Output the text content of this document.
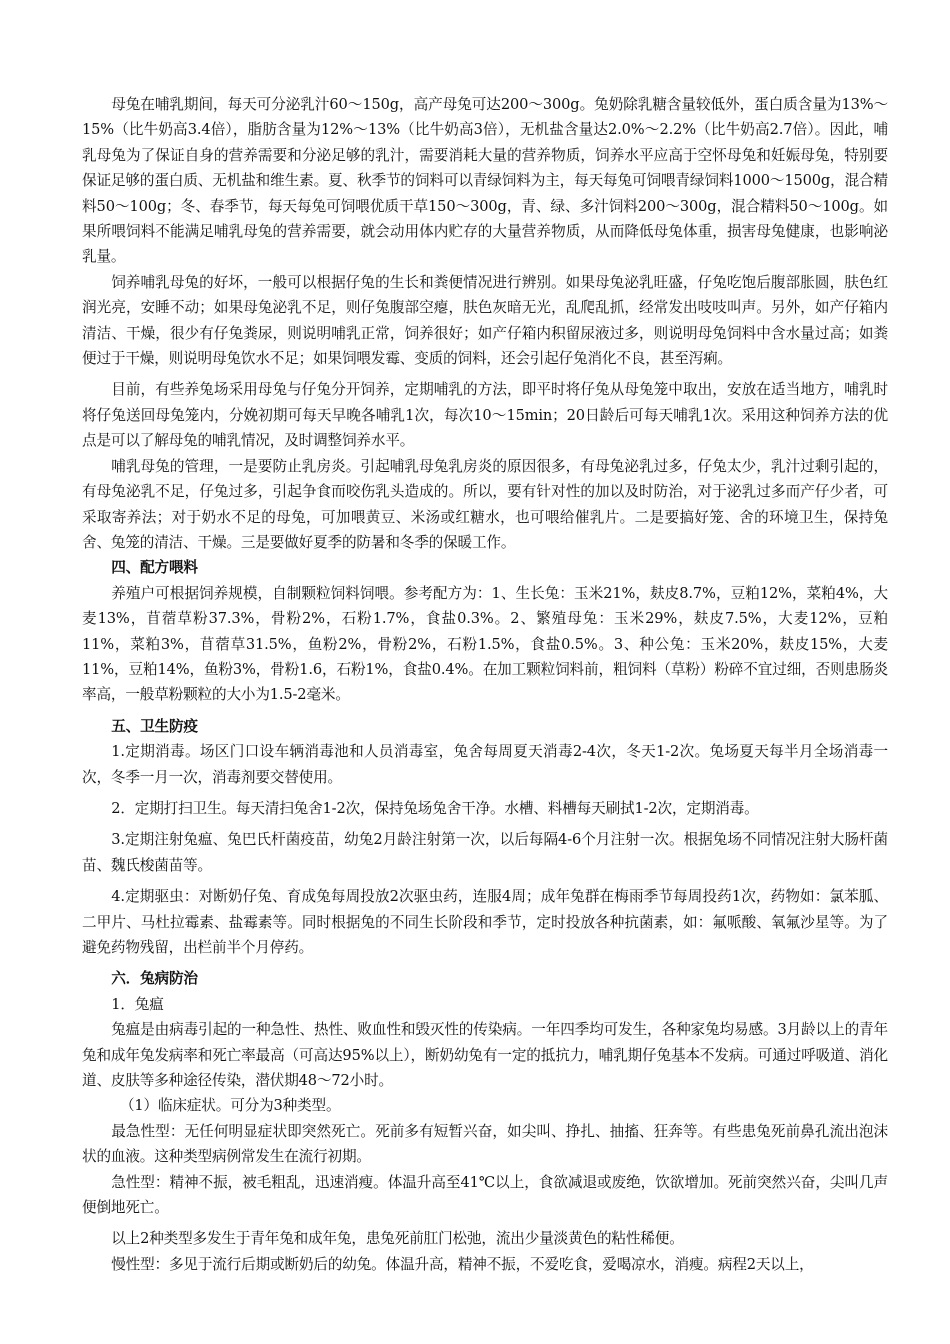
母兔在哺乳期间，每天可分泌乳汁60～150g，高产母兔可达200～300g。兔奶除乳糖含量较低外，蛋白质含量为13%～15%（比牛奶高3.4倍），脂肪含量为12%～13%（比牛奶高3倍），无机盐含量达2.0%～2.2%（比牛奶高2.7倍）。因此，哺乳母兔为了保证自身的营养需要和分泌足够的乳汁，需要消耗大量的营养物质，饲养水平应高于空怀母兔和妊娠母兔，特别要保证足够的蛋白质、无机盐和维生素。夏、秋季节的饲料可以青绿饲料为主，每天每兔可饲喂青绿饲料1000～1500g，混合精料50～100g；冬、春季节，每天每兔可饲喂优质干草150～300g，青、绿、多汁饲料200～300g，混合精料50～100g。如果所喂饲料不能满足哺乳母兔的营养需要，就会动用体内贮存的大量营养物质，从而降低母兔体重，损害母兔健康，也影响泌乳量。

饲养哺乳母兔的好坏，一般可以根据仔兔的生长和粪便情况进行辨别。如果母兔泌乳旺盛，仔兔吃饱后腹部胀圆，肤色红润光亮，安睡不动；如果母兔泌乳不足，则仔兔腹部空瘪，肤色灰暗无光，乱爬乱抓，经常发出吱吱叫声。另外，如产仔箱内清洁、干燥，很少有仔兔粪尿，则说明哺乳正常，饲养很好；如产仔箱内积留尿液过多，则说明母兔饲料中含水量过高；如粪便过于干燥，则说明母兔饮水不足；如果饲喂发霉、变质的饲料，还会引起仔兔消化不良，甚至泻痢。

目前，有些养兔场采用母兔与仔兔分开饲养，定期哺乳的方法，即平时将仔兔从母兔笼中取出，安放在适当地方，哺乳时将仔兔送回母兔笼内，分娩初期可每天早晚各哺乳1次，每次10～15min；20日龄后可每天哺乳1次。采用这种饲养方法的优点是可以了解母兔的哺乳情况，及时调整饲养水平。

哺乳母兔的管理，一是要防止乳房炎。引起哺乳母兔乳房炎的原因很多，有母兔泌乳过多，仔兔太少，乳汁过剩引起的，有母兔泌乳不足，仔兔过多，引起争食而咬伤乳头造成的。所以，要有针对性的加以及时防治，对于泌乳过多而产仔少者，可采取寄养法；对于奶水不足的母兔，可加喂黄豆、米汤或红糖水，也可喂给催乳片。二是要搞好笼、舍的环境卫生，保持兔舍、兔笼的清洁、干燥。三是要做好夏季的防暑和冬季的保暖工作。

四、配方喂料

养殖户可根据饲养规模，自制颗粒饲料饲喂。参考配方为：1、生长兔：玉米21%，麸皮8.7%，豆粕12%，菜粕4%，大麦13%，苜蓿草粉37.3%，骨粉2%，石粉1.7%，食盐0.3%。2、繁殖母兔：玉米29%，麸皮7.5%，大麦12%，豆粕11%，菜粕3%，苜蓿草31.5%，鱼粉2%，骨粉2%，石粉1.5%，食盐0.5%。3、种公兔：玉米20%，麸皮15%，大麦11%，豆粕14%，鱼粉3%，骨粉1.6，石粉1%，食盐0.4%。在加工颗粒饲料前，粗饲料（草粉）粉碎不宜过细，否则患肠炎率高，一般草粉颗粒的大小为1.5-2毫米。

五、卫生防疫

1.定期消毒。场区门口设车辆消毒池和人员消毒室，兔舍每周夏天消毒2-4次，冬天1-2次。兔场夏天每半月全场消毒一次，冬季一月一次，消毒剂要交替使用。

2．定期打扫卫生。每天清扫兔舍1-2次，保持兔场兔舍干净。水槽、料槽每天刷拭1-2次，定期消毒。

3.定期注射兔瘟、兔巴氏杆菌疫苗，幼兔2月龄注射第一次，以后每隔4-6个月注射一次。根据兔场不同情况注射大肠杆菌苗、魏氏梭菌苗等。

4.定期驱虫：对断奶仔兔、育成兔每周投放2次驱虫药，连服4周；成年兔群在梅雨季节每周投药1次，药物如：氯苯胍、二甲片、马杜拉霉素、盐霉素等。同时根据兔的不同生长阶段和季节，定时投放各种抗菌素，如：氟哌酸、氧氟沙星等。为了避免药物残留，出栏前半个月停药。

六．兔病防治

1．兔瘟

兔瘟是由病毒引起的一种急性、热性、败血性和毁灭性的传染病。一年四季均可发生，各种家兔均易感。3月龄以上的青年兔和成年兔发病率和死亡率最高（可高达95%以上），断奶幼兔有一定的抵抗力，哺乳期仔兔基本不发病。可通过呼吸道、消化道、皮肤等多种途径传染，潜伏期48～72小时。

（1）临床症状。可分为3种类型。

最急性型：无任何明显症状即突然死亡。死前多有短暂兴奋，如尖叫、挣扎、抽搐、狂奔等。有些患兔死前鼻孔流出泡沫状的血液。这种类型病例常发生在流行初期。

急性型：精神不振，被毛粗乱，迅速消瘦。体温升高至41℃以上，食欲减退或废绝，饮欲增加。死前突然兴奋，尖叫几声便倒地死亡。

以上2种类型多发生于青年兔和成年兔，患兔死前肛门松弛，流出少量淡黄色的粘性稀便。

慢性型：多见于流行后期或断奶后的幼兔。体温升高，精神不振，不爱吃食，爱喝凉水，消瘦。病程2天以上，
